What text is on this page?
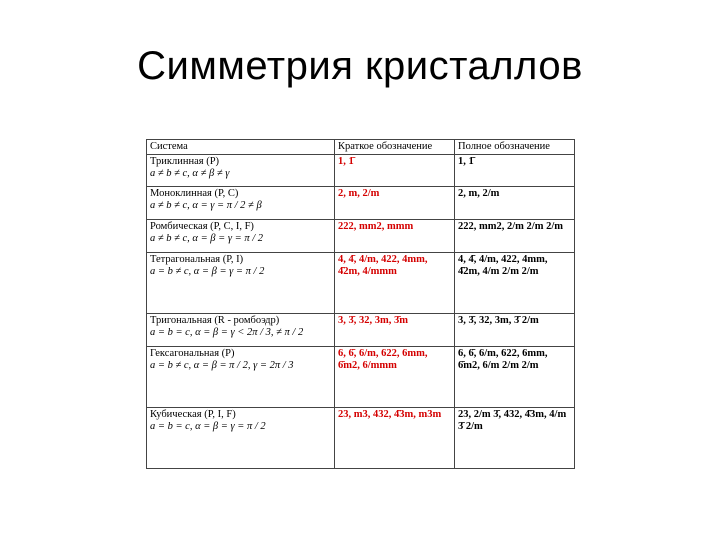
Симметрия кристаллов
Система	Краткое обозначение	Полное обозначение

Триклинная (P)
a ≠ b ≠ c, α ≠ β ≠ γ	1, 1̄	1, 1̄

Моноклинная (P, C)
a ≠ b ≠ c, α = γ = π / 2 ≠ β	2, m, 2/m	2, m, 2/m

Ромбическая (P, C, I, F)
a ≠ b ≠ c, α = β = γ = π / 2	222, mm2, mmm	222, mm2, 2/m 2/m 2/m

Тетрагональная (P, I)
a = b ≠ c, α = β = γ = π / 2	4, 4̄, 4/m, 422, 4mm, 4̄2m, 4/mmm	4, 4̄, 4/m, 422, 4mm, 4̄2m, 4/m 2/m 2/m

Тригональная (R - ромбоэдр)
a = b = c, α = β = γ < 2π / 3, ≠ π / 2	3, 3̄, 32, 3m, 3̄m	3, 3̄, 32, 3m, 3̄ 2/m

Гексагональная (P)
a = b ≠ c, α = β = π / 2, γ = 2π / 3	6, 6̄, 6/m, 622, 6mm, 6̄m2, 6/mmm	6, 6̄, 6/m, 622, 6mm, 6̄m2, 6/m 2/m 2/m

Кубическая (P, I, F)
a = b = c, α = β = γ = π / 2	23, m3, 432, 4̄3m, m3m	23, 2/m 3̄, 432, 4̄3m, 4/m 3̄ 2/m
